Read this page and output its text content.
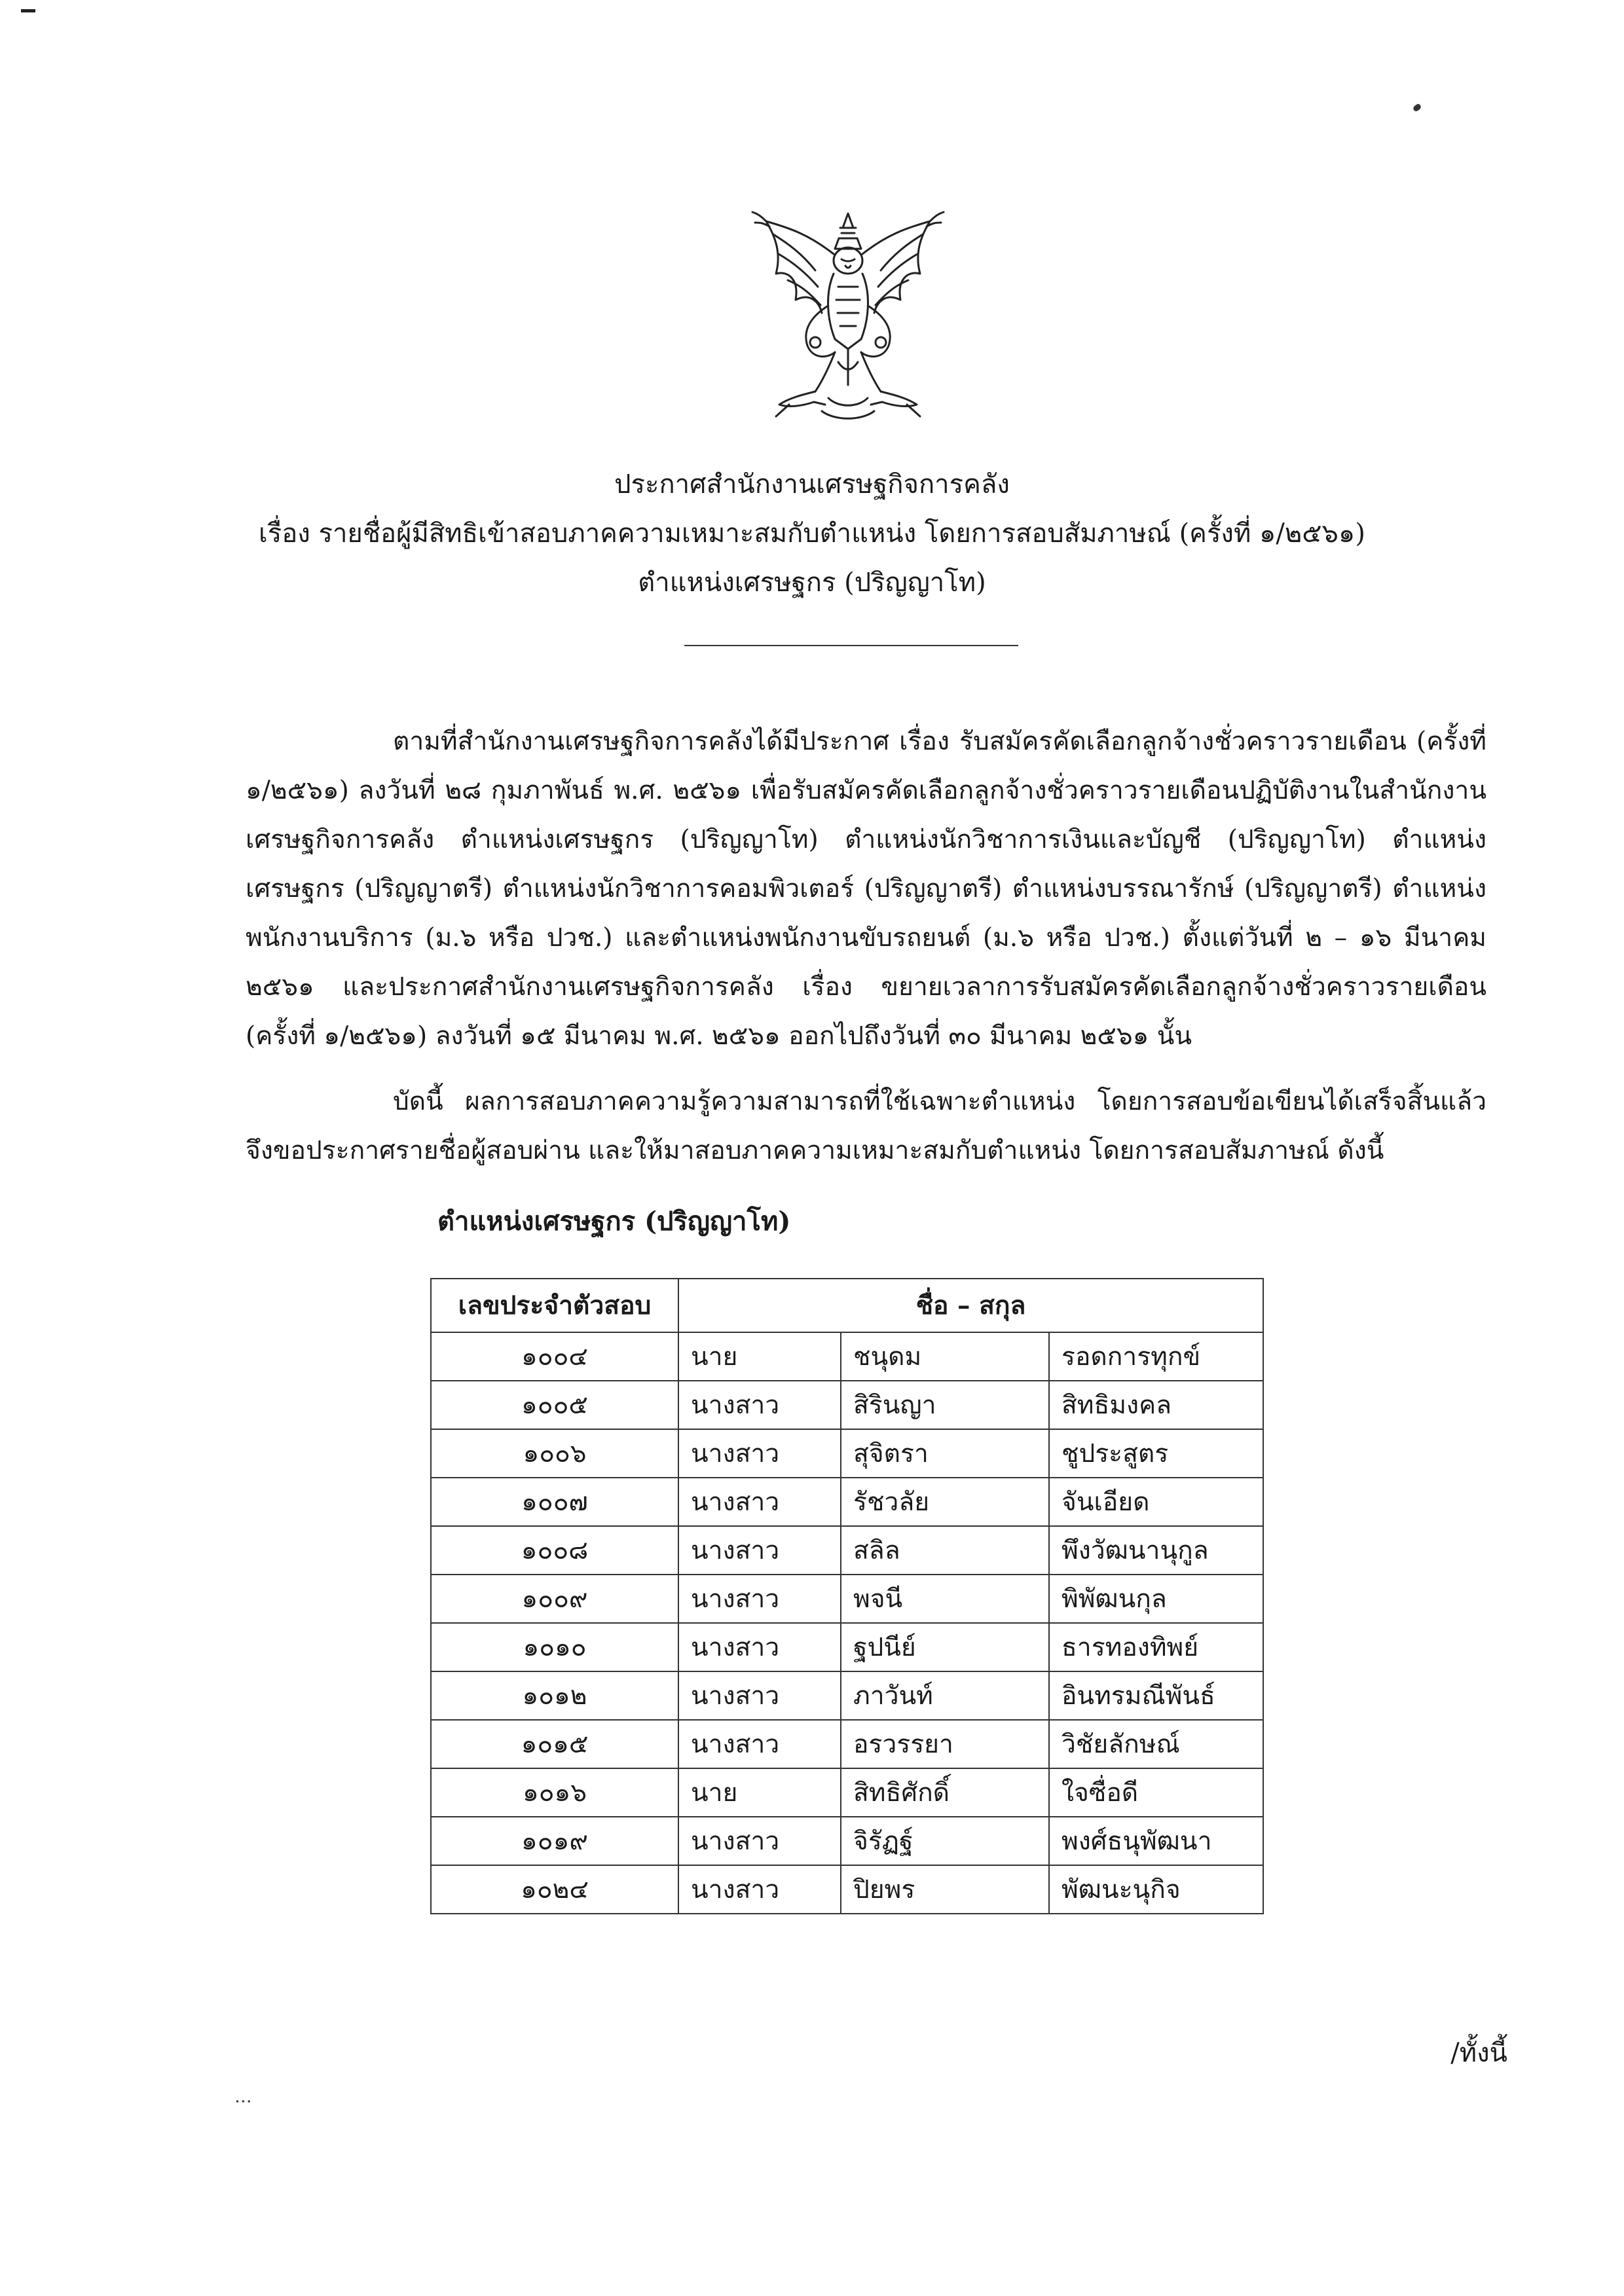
ประกาศสำนักงานเศรษฐกิจการคลัง
เรื่อง รายชื่อผู้มีสิทธิเข้าสอบภาคความเหมาะสมกับตำแหน่ง โดยการสอบสัมภาษณ์ (ครั้งที่ ๑/๒๕๖๑)
ตำแหน่งเศรษฐกร (ปริญญาโท)

ตามที่สำนักงานเศรษฐกิจการคลังได้มีประกาศ เรื่อง รับสมัครคัดเลือกลูกจ้างชั่วคราวรายเดือน (ครั้งที่ ๑/๒๕๖๑) ลงวันที่ ๒๘ กุมภาพันธ์ พ.ศ. ๒๕๖๑ เพื่อรับสมัครคัดเลือกลูกจ้างชั่วคราวรายเดือนปฏิบัติงานในสำนักงานเศรษฐกิจการคลัง ตำแหน่งเศรษฐกร (ปริญญาโท) ตำแหน่งนักวิชาการเงินและบัญชี (ปริญญาโท) ตำแหน่งเศรษฐกร (ปริญญาตรี) ตำแหน่งนักวิชาการคอมพิวเตอร์ (ปริญญาตรี) ตำแหน่งบรรณารักษ์ (ปริญญาตรี) ตำแหน่งพนักงานบริการ (ม.๖ หรือ ปวช.) และตำแหน่งพนักงานขับรถยนต์ (ม.๖ หรือ ปวช.) ตั้งแต่วันที่ ๒ – ๑๖ มีนาคม ๒๕๖๑ และประกาศสำนักงานเศรษฐกิจการคลัง เรื่อง ขยายเวลาการรับสมัครคัดเลือกลูกจ้างชั่วคราวรายเดือน (ครั้งที่ ๑/๒๕๖๑) ลงวันที่ ๑๕ มีนาคม พ.ศ. ๒๕๖๑ ออกไปถึงวันที่ ๓๐ มีนาคม ๒๕๖๑ นั้น

บัดนี้ ผลการสอบภาคความรู้ความสามารถที่ใช้เฉพาะตำแหน่ง โดยการสอบข้อเขียนได้เสร็จสิ้นแล้ว จึงขอประกาศรายชื่อผู้สอบผ่าน และให้มาสอบภาคความเหมาะสมกับตำแหน่ง โดยการสอบสัมภาษณ์ ดังนี้

ตำแหน่งเศรษฐกร (ปริญญาโท)
เลขประจำตัวสอบ	ชื่อ – สกุล		
๑๐๐๔	นาย	ชนุดม	รอดการทุกข์
๑๐๐๕	นางสาว	สิรินญา	สิทธิมงคล
๑๐๐๖	นางสาว	สุจิตรา	ชูประสูตร
๑๐๐๗	นางสาว	รัชวลัย	จันเอียด
๑๐๐๘	นางสาว	สลิล	พึงวัฒนานุกูล
๑๐๐๙	นางสาว	พจนี	พิพัฒนกุล
๑๐๑๐	นางสาว	ฐปนีย์	ธารทองทิพย์
๑๐๑๒	นางสาว	ภาวันท์	อินทรมณีพันธ์
๑๐๑๕	นางสาว	อรวรรยา	วิชัยลักษณ์
๑๐๑๖	นาย	สิทธิศักดิ์	ใจซื่อดี
๑๐๑๙	นางสาว	จิรัฏฐ์	พงศ์ธนุพัฒนา
๑๐๒๔	นางสาว	ปิยพร	พัฒนะนุกิจ
/ทั้งนี้
...
